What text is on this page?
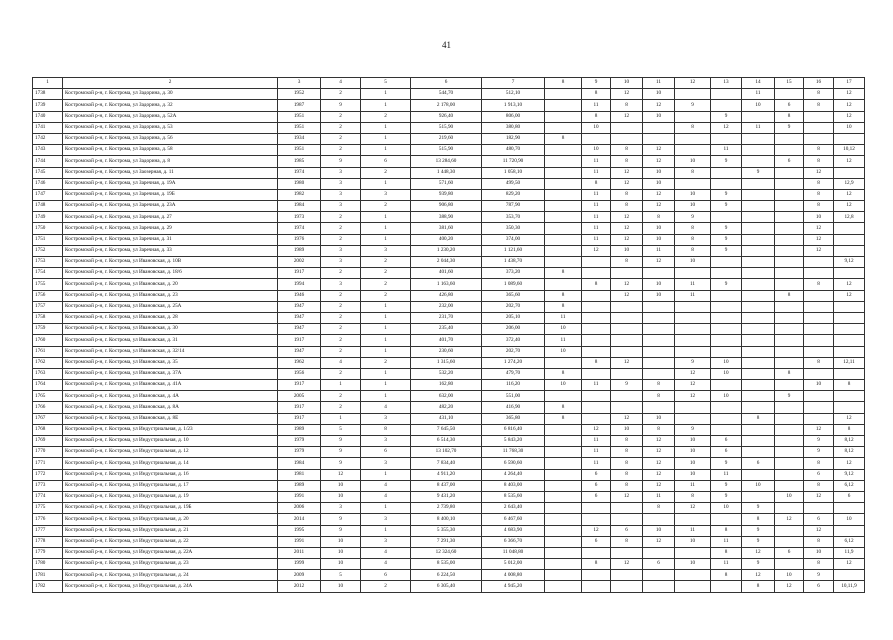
41
1	2	3	4	5	6	7	8	9	10	11	12	13	14	15	16	17
1738	Костромской р-н, г. Кострома, ул Задорина, д. 30	1952	2	1	544,70	512,10		8	12	10			11		8	12
1739	Костромской р-н, г. Кострома, ул Задорина, д. 32	1987	9	1	2 178,00	1 913,10		11	8	12	9		10	6	8	12
1740	Костромской р-н, г. Кострома, ул Задорина, д. 52А	1951	2	2	926,40	806,00		8	12	10		9		8		12
1741	Костромской р-н, г. Кострома, ул Задорина, д. 53	1951	2	1	515,90	380,80		10			8	12	11	9		10
1742	Костромской р-н, г. Кострома, ул Задорина, д. 56	1934	2	1	219,60	182,90	8									
1743	Костромской р-н, г. Кострома, ул Задорина, д. 58	1951	2	1	515,90	480,70		10	8	12		11			8	10,12
1744	Костромской р-н, г. Кострома, ул Задорина, д. 8	1985	9	6	13 284,60	11 720,90		11	8	12	10	9		6	8	12
1745	Костромской р-н, г. Кострома, ул Заозерная, д. 11	1974	3	2	1 448,30	1 058,10		11	12	10	8		9		12	
1746	Костромской р-н, г. Кострома, ул Заречная, д. 19А	1980	3	1	571,60	499,50		8	12	10					8	12,9
1747	Костромской р-н, г. Кострома, ул Заречная, д. 19Б	1982	3	3	939,80	829,20		11	8	12	10	9			8	12
1748	Костромской р-н, г. Кострома, ул Заречная, д. 23А	1984	3	2	906,80	787,90		11	8	12	10	9			8	12
1749	Костромской р-н, г. Кострома, ул Заречная, д. 27	1973	2	1	388,90	353,70		11	12	8	9				10	12,8
1750	Костромской р-н, г. Кострома, ул Заречная, д. 29	1974	2	1	381,60	350,30		11	12	10	8	9			12	
1751	Костромской р-н, г. Кострома, ул Заречная, д. 31	1976	2	1	400,20	374,00		11	12	10	8	9			12	
1752	Костромской р-н, г. Кострома, ул Заречная, д. 33	1989	3	3	1 230,20	1 121,60		12	10	11	8	9			12	
1753	Костромской р-н, г. Кострома, ул Ивановская, д. 10В	2002	3	2	2 044,30	1 438,70			8	12	10					9,12
1754	Костромской р-н, г. Кострома, ул Ивановская, д. 18/6	1917	2	2	401,60	373,20	8									
1755	Костромской р-н, г. Кострома, ул Ивановская, д. 20	1994	3	2	1 163,60	1 089,60		8	12	10	11	9			8	12
1756	Костромской р-н, г. Кострома, ул Ивановская, д. 23	1946	2	2	426,80	365,60	8		12	10	11			8		12
1757	Костромской р-н, г. Кострома, ул Ивановская, д. 25А	1947	2	1	232,00	202,70	8									
1758	Костромской р-н, г. Кострома, ул Ивановская, д. 28	1947	2	1	231,70	205,10	11									
1759	Костромской р-н, г. Кострома, ул Ивановская, д. 30	1947	2	1	235,40	206,00	10									
1760	Костромской р-н, г. Кострома, ул Ивановская, д. 31	1917	2	1	401,70	372,40	11									
1761	Костромской р-н, г. Кострома, ул Ивановская, д. 32/14	1947	2	1	230,60	202,70	10									
1762	Костромской р-н, г. Кострома, ул Ивановская, д. 35	1962	4	2	1 315,60	1 274,20		8	12		9	10			8	12,11
1763	Костромской р-н, г. Кострома, ул Ивановская, д. 37А	1956	2	1	532,20	479,70	8				12	10		8		
1764	Костромской р-н, г. Кострома, ул Ивановская, д. 41А	1917	1	1	162,80	116,20	10	11	9	8	12				10	8
1765	Костромской р-н, г. Кострома, ул Ивановская, д. 4А	2005	2	1	632,00	551,00				8	12	10		9		
1766	Костромской р-н, г. Кострома, ул Ивановская, д. 8А	1917	2	4	482,20	416,90	8									
1767	Костромской р-н, г. Кострома, ул Ивановская, д. 8Е	1917	1	3	431,10	365,80	8		12	10			8			12
1768	Костромской р-н, г. Кострома, ул Индустриальная, д. 1/23	1989	5	8	7 645,50	6 816,40		12	10	8	9				12	8
1769	Костромской р-н, г. Кострома, ул Индустриальная, д. 10	1979	9	3	6 514,30	5 843,20		11	8	12	10	6			9	8,12
1770	Костромской р-н, г. Кострома, ул Индустриальная, д. 12	1979	9	6	13 102,70	11 768,30		11	8	12	10	6			9	8,12
1771	Костромской р-н, г. Кострома, ул Индустриальная, д. 14	1984	9	3	7 834,40	6 590,60		11	8	12	10	9	6		8	12
1772	Костромской р-н, г. Кострома, ул Индустриальная, д. 16	1981	12	1	4 911,20	4 264,40		6	8	12	10	11			6	9,12
1773	Костромской р-н, г. Кострома, ул Индустриальная, д. 17	1989	10	4	8 437,00	8 403,00		6	8	12	11	9	10		8	6,12
1774	Костромской р-н, г. Кострома, ул Индустриальная, д. 19	1991	10	4	9 431,20	8 535,60		6	12	11	8	9		10	12	6
1775	Костромской р-н, г. Кострома, ул Индустриальная, д. 19Б	2006	3	1	2 739,80	2 643,40				8	12	10	9			
1776	Костромской р-н, г. Кострома, ул Индустриальная, д. 20	2014	9	3	8 400,10	6 467,60							8	12	6	10
1777	Костромской р-н, г. Кострома, ул Индустриальная, д. 21	1995	9	1	5 355,30	4 683,90		12	6	10	11	8	9		12	
1778	Костромской р-н, г. Кострома, ул Индустриальная, д. 22	1991	10	3	7 291,30	6 366,70		6	8	12	10	11	9		8	6,12
1779	Костромской р-н, г. Кострома, ул Индустриальная, д. 22А	2011	10	4	12 324,60	11 048,80						8	12	6	10	11,9
1780	Костромской р-н, г. Кострома, ул Индустриальная, д. 23	1999	10	4	8 535,00	5 012,00		8	12	6	10	11	9		8	12
1781	Костромской р-н, г. Кострома, ул Индустриальная, д. 24	2009	5	6	6 224,50	4 008,80						8	12	10	9	
1782	Костромской р-н, г. Кострома, ул Индустриальная, д. 24А	2012	10	2	6 305,40	4 945,20							8	12	6	10,11,9
